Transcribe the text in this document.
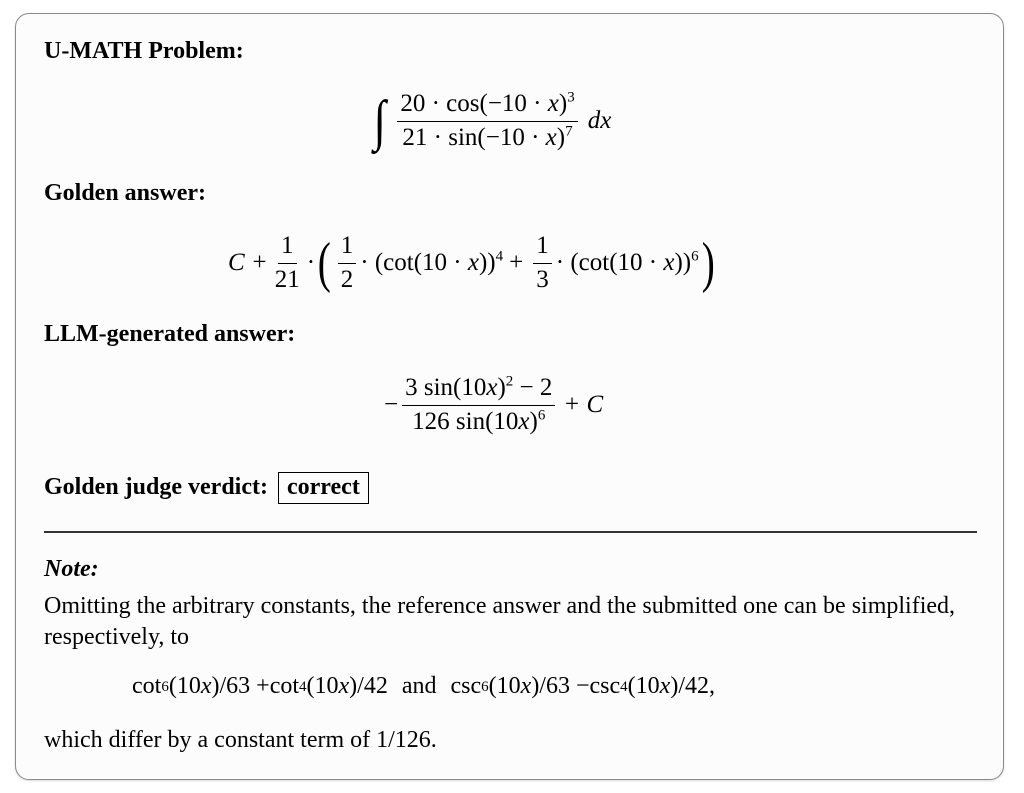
U-MATH Problem:
∫ $\frac{20 \cdot \cos(-10 \cdot x)^3}{21 \cdot \sin(-10 \cdot x)^7}$ dx
Golden answer:
$C + \frac{1}{21}$ · ( $\frac{1}{2} \cdot (\cot(10 \cdot x))^4 + \frac{1}{3} \cdot (\cot(10 \cdot x))^6$ )
LLM-generated answer:
− $\frac{3 \sin(10x)^2 - 2}{126 \sin(10x)^6} + C$
Golden judge verdict: correct
Note:
Omitting the arbitrary constants, the reference answer and the submitted one can be simplified, respectively, to
cot 6 (10 x )/63 + cot 4 (10 x )/42 and csc 6 (10 x )/63 − csc 4 (10 x )/42,
which differ by a constant term of 1/126.
